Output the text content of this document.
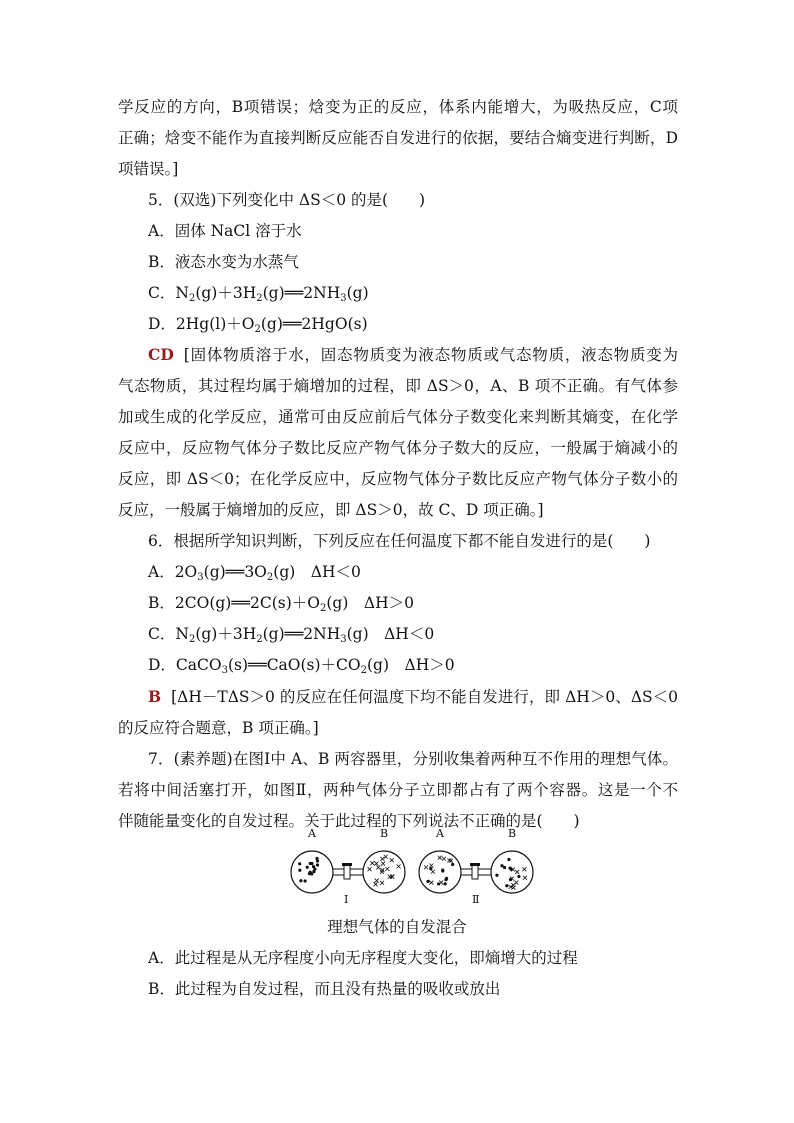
学反应的方向，B项错误；焓变为正的反应，体系内能增大，为吸热反应，C项
正确；焓变不能作为直接判断反应能否自发进行的依据，要结合熵变进行判断，D
项错误。]
5．(双选)下列变化中 ΔS＜0 的是(　　)
A．固体 NaCl 溶于水
B．液态水变为水蒸气
C．$N_2(g)+3H_2(g)══2NH_3(g)$
D．$2Hg(l)+O_2(g)══2HgO(s)$
CD [固体物质溶于水，固态物质变为液态物质或气态物质，液态物质变为
气态物质，其过程均属于熵增加的过程，即 ΔS＞0，A、B 项不正确。有气体参
加或生成的化学反应，通常可由反应前后气体分子数变化来判断其熵变，在化学
反应中，反应物气体分子数比反应产物气体分子数大的反应，一般属于熵减小的
反应，即 ΔS＜0；在化学反应中，反应物气体分子数比反应产物气体分子数小的
反应，一般属于熵增加的反应，即 ΔS＞0，故 C、D 项正确。]
6．根据所学知识判断，下列反应在任何温度下都不能自发进行的是(　　)
A．$2O_3(g)══3O_2(g)$　ΔH＜0
B．$2CO(g)══2C(s)+O_2(g)$　ΔH＞0
C．$N_2(g)+3H_2(g)══2NH_3(g)$　ΔH＜0
D．$CaCO_3(s)══CaO(s)+CO_2(g)$　ΔH＞0
B [ΔH－TΔS＞0 的反应在任何温度下均不能自发进行，即 ΔH＞0、ΔS＜0
的反应符合题意，B 项正确。]
7．(素养题)在图Ⅰ中 A、B 两容器里，分别收集着两种互不作用的理想气体。
若将中间活塞打开，如图Ⅱ，两种气体分子立即都占有了两个容器。这是一个不
伴随能量变化的自发过程。关于此过程的下列说法不正确的是(　　)
A	B
Ⅰ
A	B
Ⅱ
理想气体的自发混合
A．此过程是从无序程度小向无序程度大变化，即熵增大的过程
B．此过程为自发过程，而且没有热量的吸收或放出
